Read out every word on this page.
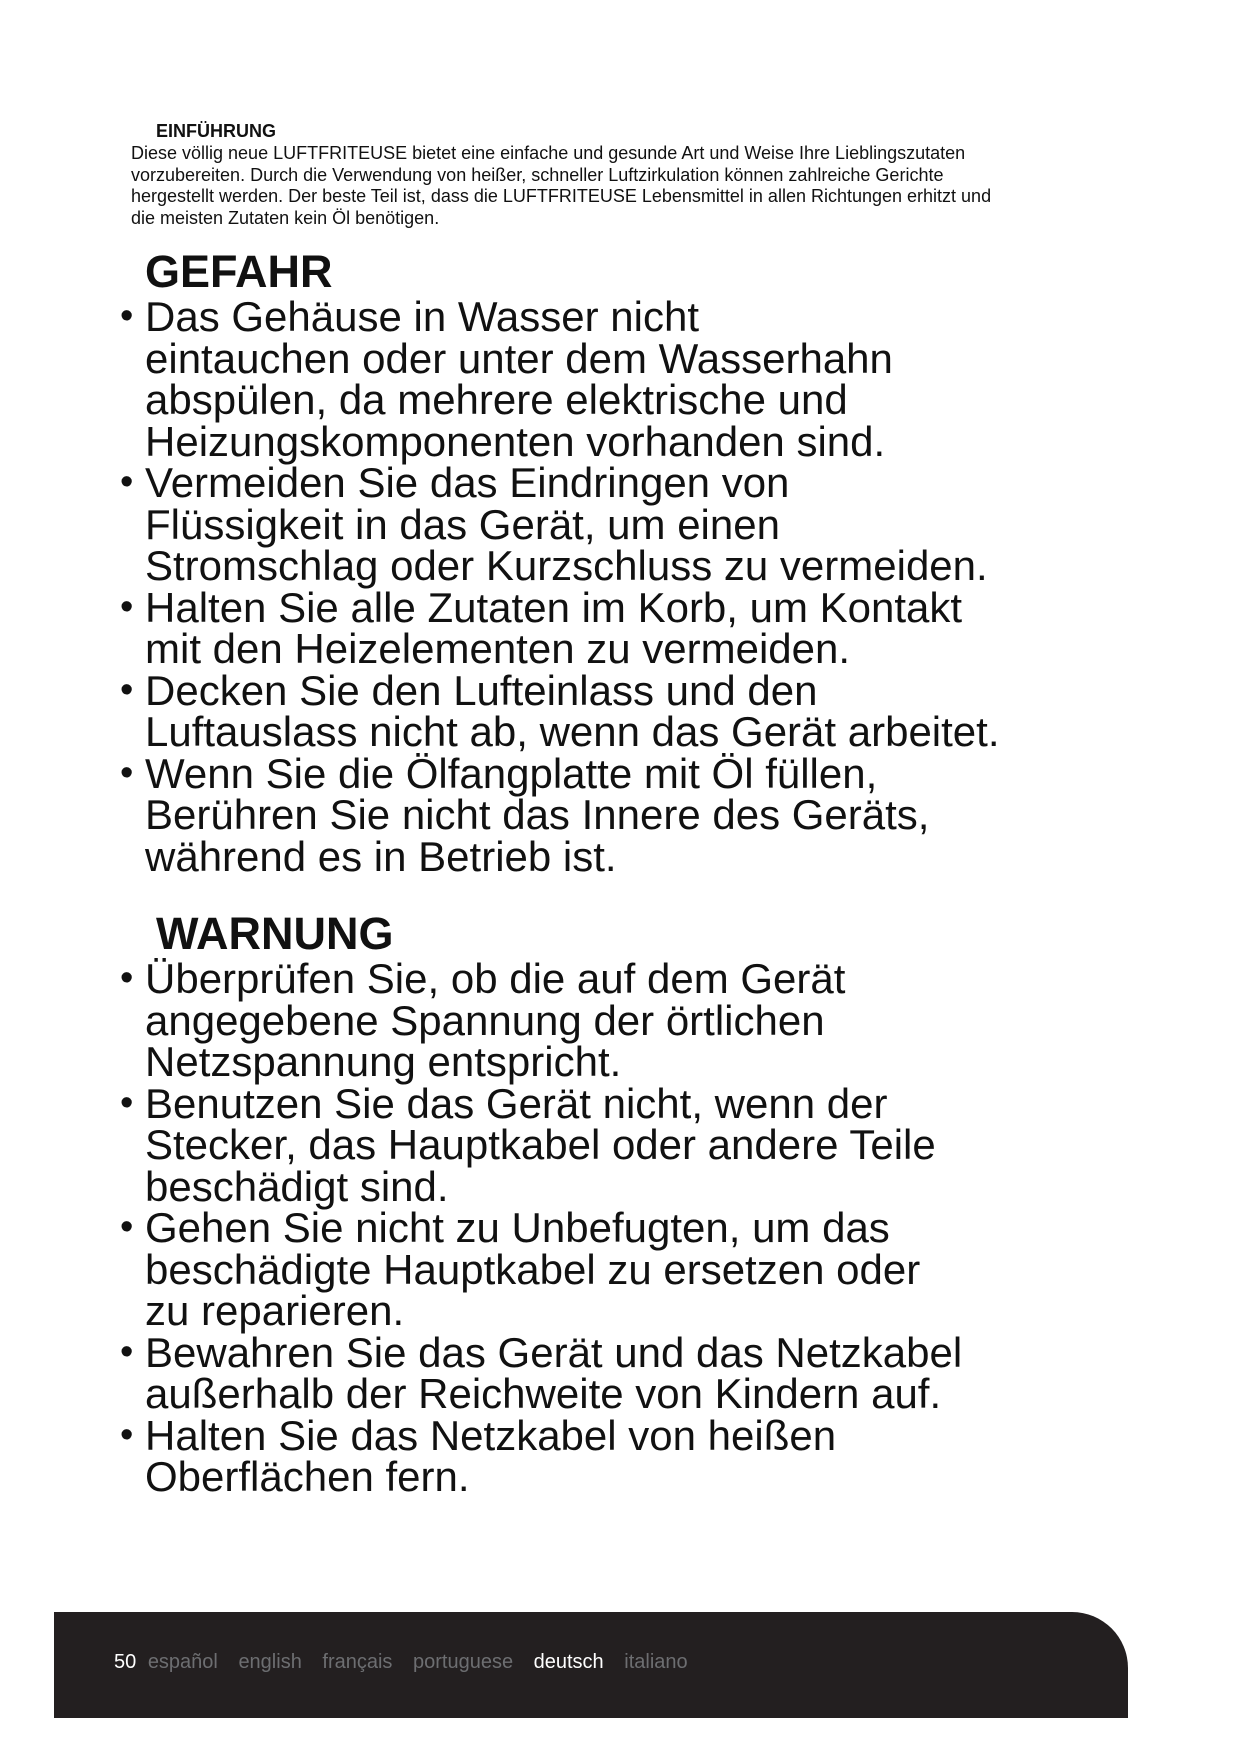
EINFÜHRUNG

Diese völlig neue LUFTFRITEUSE bietet eine einfache und gesunde Art und Weise Ihre Lieblingszutaten vorzubereiten. Durch die Verwendung von heißer, schneller Luftzirkulation können zahlreiche Gerichte hergestellt werden. Der beste Teil ist, dass die LUFTFRITEUSE Lebensmittel in allen Richtungen erhitzt und die meisten Zutaten kein Öl benötigen.

GEFAHR
• Das Gehäuse in Wasser nicht
eintauchen oder unter dem Wasserhahn
abspülen, da mehrere elektrische und
Heizungskomponenten vorhanden sind.
• Vermeiden Sie das Eindringen von
Flüssigkeit in das Gerät, um einen
Stromschlag oder Kurzschluss zu vermeiden.
• Halten Sie alle Zutaten im Korb, um Kontakt
mit den Heizelementen zu vermeiden.
• Decken Sie den Lufteinlass und den
Luftauslass nicht ab, wenn das Gerät arbeitet.
• Wenn Sie die Ölfangplatte mit Öl füllen,
Berühren Sie nicht das Innere des Geräts,
während es in Betrieb ist.
WARNUNG
• Überprüfen Sie, ob die auf dem Gerät
angegebene Spannung der örtlichen
Netzspannung entspricht.
• Benutzen Sie das Gerät nicht, wenn der
Stecker, das Hauptkabel oder andere Teile
beschädigt sind.
• Gehen Sie nicht zu Unbefugten, um das
beschädigte Hauptkabel zu ersetzen oder
zu reparieren.
• Bewahren Sie das Gerät und das Netzkabel
außerhalb der Reichweite von Kindern auf.
• Halten Sie das Netzkabel von heißen
Oberflächen fern.
50 español english français portuguese deutsch italiano
